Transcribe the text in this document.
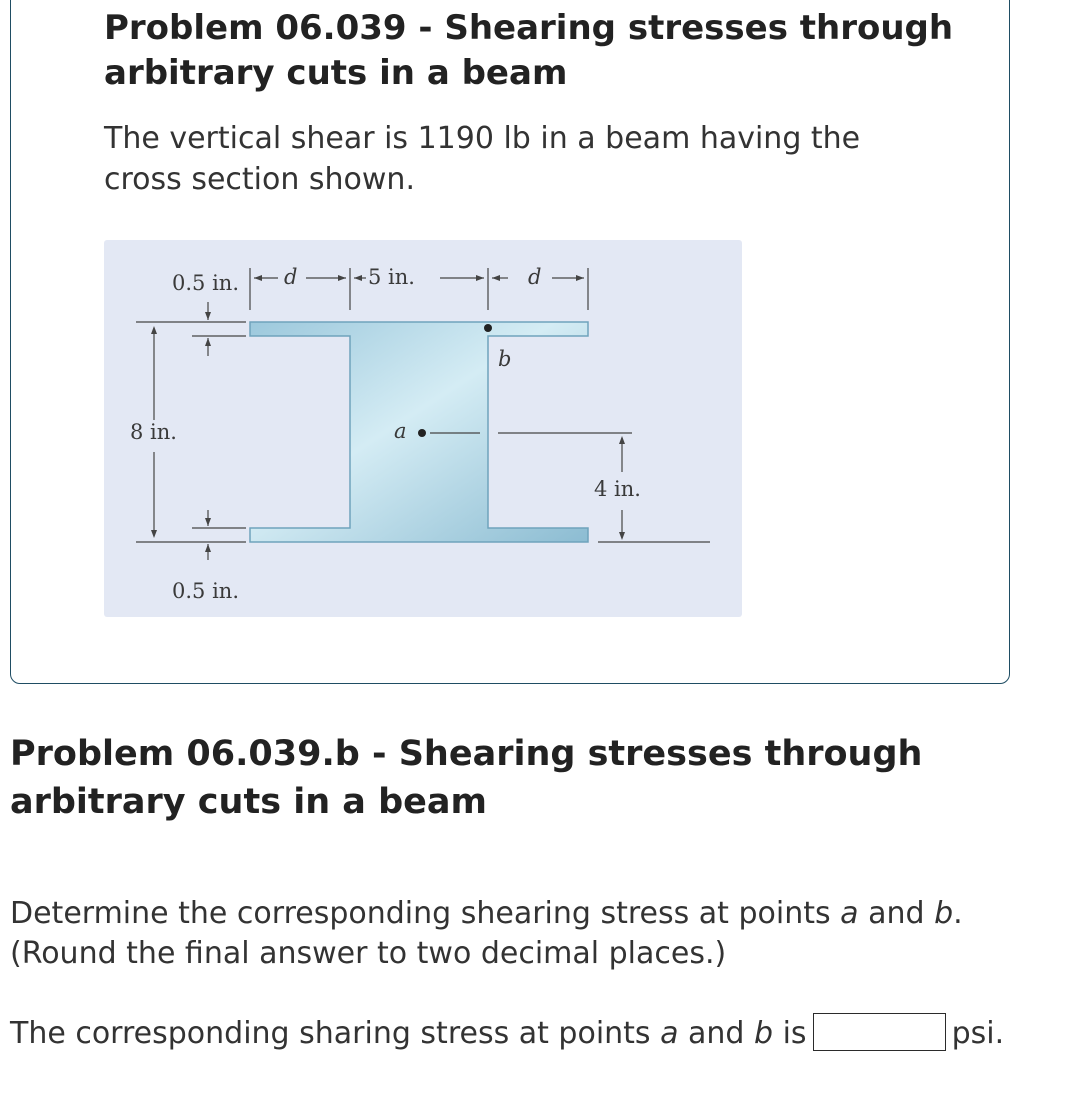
Problem 06.039 - Shearing stresses through arbitrary cuts in a beam

The vertical shear is 1190 lb in a beam having the cross section shown.

0.5 in.
0.5 in.
8 in.
5 in.
d	d
a
b
4 in.
Problem 06.039.b - Shearing stresses through arbitrary cuts in a beam

Determine the corresponding shearing stress at points a and b.
(Round the final answer to two decimal places.)

The corresponding sharing stress at points a and b is	psi.
